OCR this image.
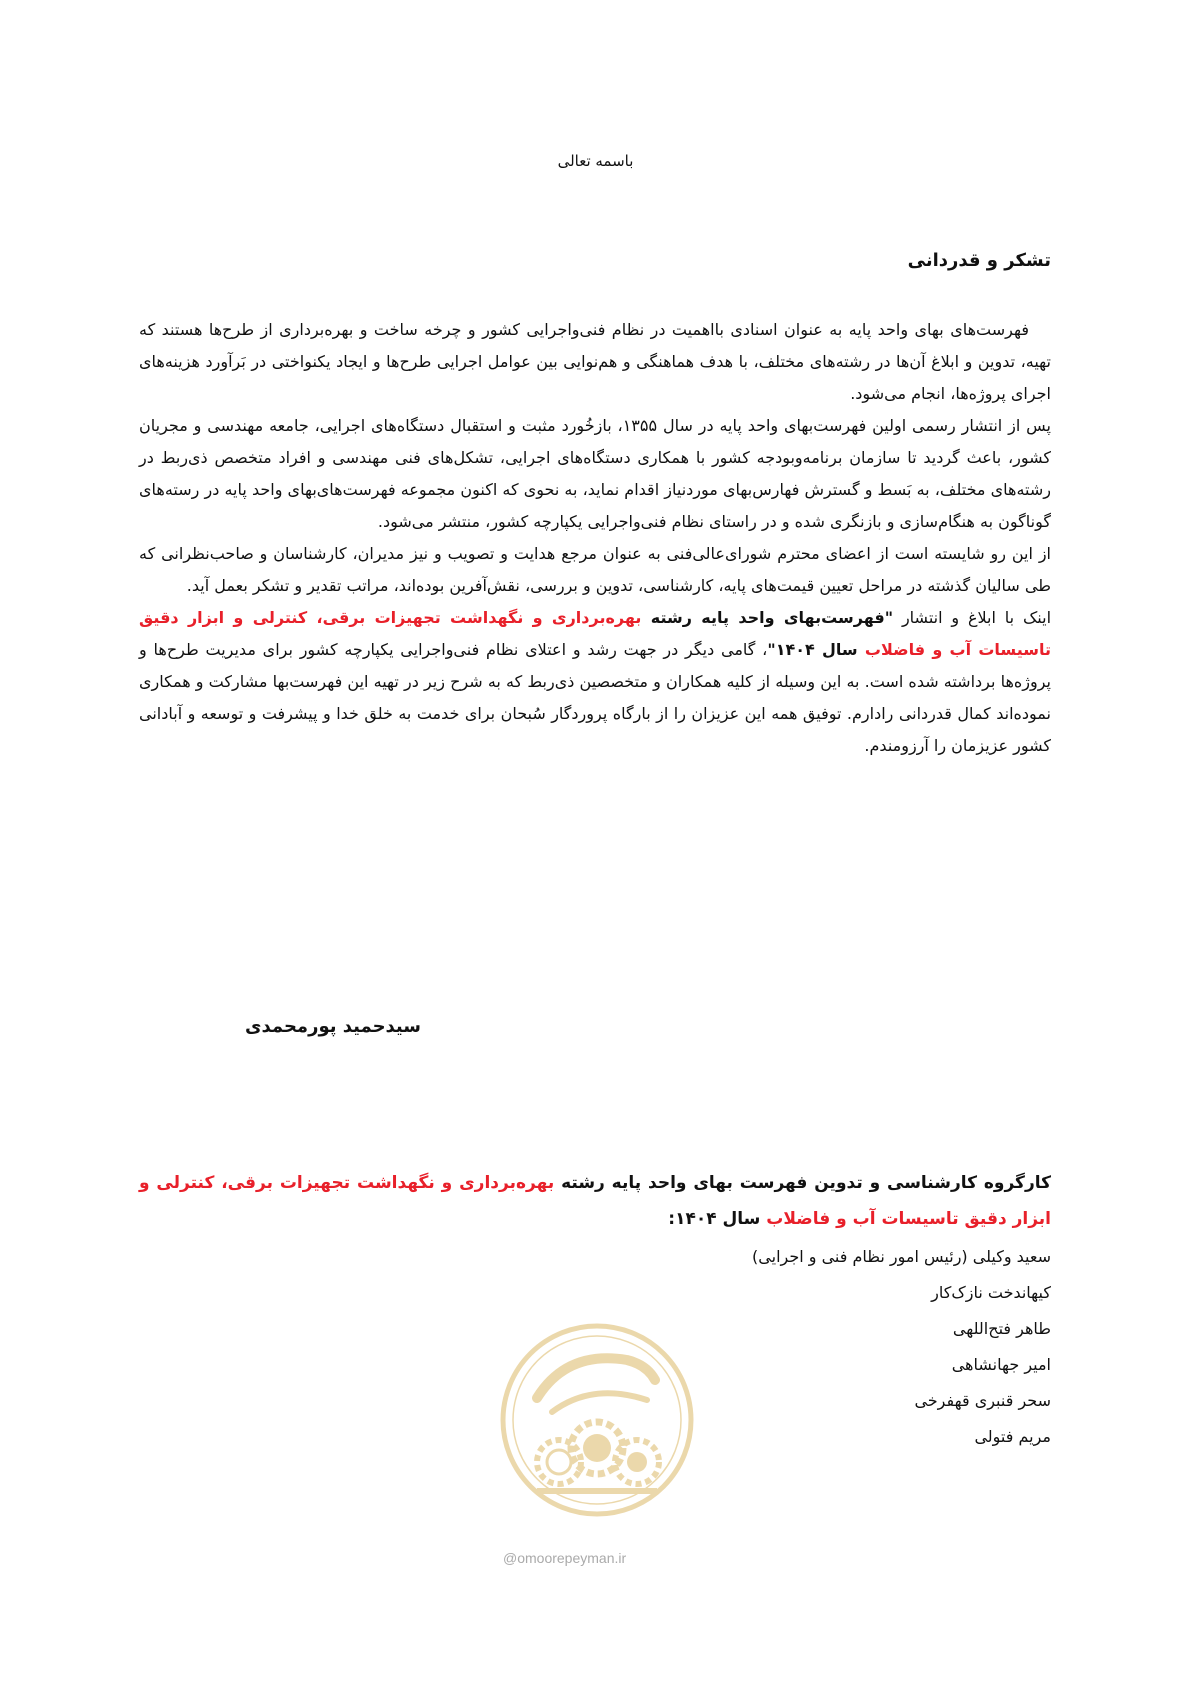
باسمه تعالی
تشکر و قدردانی

فهرست‌های بهای واحد پایه به عنوان اسنادی بااهمیت در نظام فنی‌واجرایی کشور و چرخه ساخت و بهره‌برداری از طرح‌ها هستند که تهیه، تدوین و ابلاغ آن‌ها در رشته‌های مختلف، با هدف هماهنگی و هم‌نوایی بین عوامل اجرایی طرح‌ها و ایجاد یکنواختی در بَرآورد هزینه‌های اجرای پروژه‌ها، انجام می‌شود.

پس از انتشار رسمی اولین فهرست‌بهای واحد پایه در سال ۱۳۵۵، بازخُورد مثبت و استقبال دستگاه‌های اجرایی، جامعه مهندسی و مجریان کشور، باعث گردید تا سازمان برنامه‌وبودجه کشور با همکاری دستگاه‌های اجرایی، تشکل‌های فنی مهندسی و افراد متخصص ذی‌ربط در رشته‌های مختلف، به بَسط و گسترش فهارس‌بهای موردنیاز اقدام نماید، به نحوی که اکنون مجموعه فهرست‌های‌بهای واحد پایه در رسته‌های گوناگون به هنگام‌سازی و بازنگری شده و در راستای نظام فنی‌واجرایی یکپارچه کشور، منتشر می‌شود.

از این رو شایسته است از اعضای محترم شورای‌عالی‌فنی به عنوان مرجع هدایت و تصویب و نیز مدیران، کارشناسان و صاحب‌نظرانی که طی سالیان گذشته در مراحل تعیین قیمت‌های پایه، کارشناسی، تدوین و بررسی، نقش‌آفرین بوده‌اند، مراتب تقدیر و تشکر بعمل آید.

اینک با ابلاغ و انتشار "فهرست‌بهای واحد پایه رشته بهره‌برداری و نگهداشت تجهیزات برقی، کنترلی و ابزار دقیق تاسیسات آب و فاضلاب سال ۱۴۰۴"، گامی دیگر در جهت رشد و اعتلای نظام فنی‌واجرایی یکپارچه کشور برای مدیریت طرح‌ها و پروژه‌ها برداشته شده است. به این وسیله از کلیه همکاران و متخصصین ذی‌ربط که به شرح زیر در تهیه این فهرست‌بها مشارکت و همکاری نموده‌اند کمال قدردانی رادارم. توفیق همه این عزیزان را از بارگاه پروردگار سُبحان برای خدمت به خلق خدا و پیشرفت و توسعه و آبادانی کشور عزیزمان را آرزومندم.

سیدحمید پورمحمدی

کارگروه کارشناسی و تدوین فهرست بهای واحد پایه رشته بهره‌برداری و نگهداشت تجهیزات برقی، کنترلی و ابزار دقیق تاسیسات آب و فاضلاب سال ۱۴۰۴:

سعید وکیلی (رئیس امور نظام فنی و اجرایی)
کیهاندخت نازک‌کار
طاهر فتح‌اللهی
امیر جهانشاهی
سحر قنبری قهفرخی
مریم فتولی
@omoorepeyman.ir
